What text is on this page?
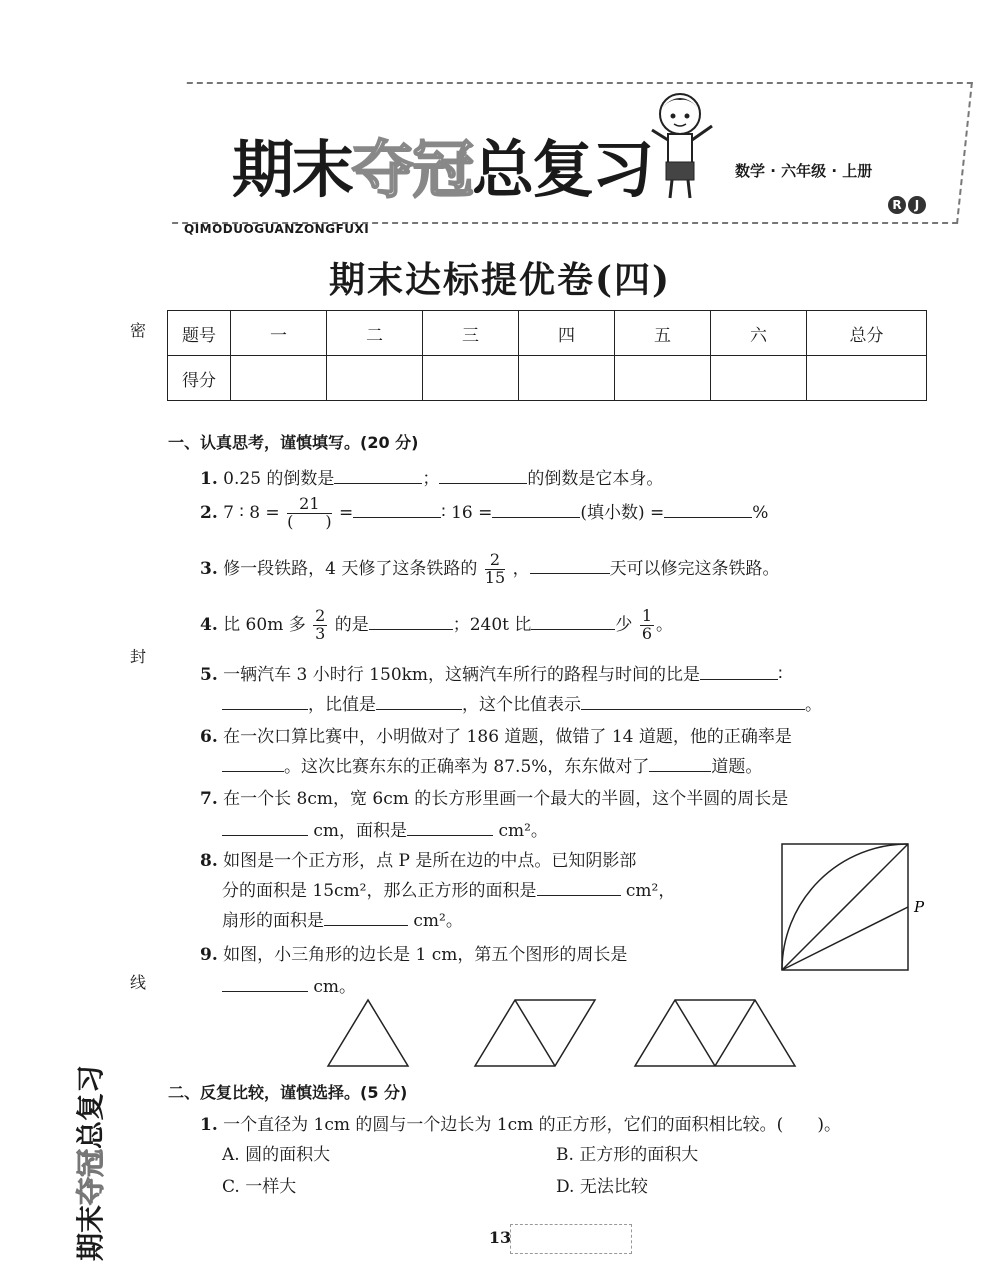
期末夺冠总复习	数学 · 六年级 · 上册
R	J
QIMODUOGUANZONGFUXI
期末达标提优卷(四)
密
封
线
题号	一	二	三	四	五	六	总分
得分							
一、认真思考，谨慎填写。(20 分)
1. 0.25 的倒数是	；	的倒数是它本身。
2. 7 ∶ $8 = \frac{21}{( )}$ =	∶ 16 =	(填小数) =	%
3. 修一段铁路，4 天修了这条铁路的 $\frac{2}{15}$ ，	天可以修完这条铁路。
4. 比 60m 多 $\frac{2}{3}$ 的是	；240t 比	少 $\frac{1}{6}$ 。
5. 一辆汽车 3 小时行 150km，这辆汽车所行的路程与时间的比是	∶
，比值是	，这个比值表示	。
6. 在一次口算比赛中，小明做对了 186 道题，做错了 14 道题，他的正确率是
。这次比赛东东的正确率为 87.5%，东东做对了	道题。
7. 在一个长 8cm，宽 6cm 的长方形里画一个最大的半圆，这个半圆的周长是
cm，面积是	cm²。
8. 如图是一个正方形，点 P 是所在边的中点。已知阴影部
分的面积是 15cm²，那么正方形的面积是	cm²，
扇形的面积是	cm²。
P
9. 如图，小三角形的边长是 1 cm，第五个图形的周长是
cm。
二、反复比较，谨慎选择。(5 分)
1. 一个直径为 1cm 的圆与一个边长为 1cm 的正方形，它们的面积相比较。(　　)。
A. 圆的面积大	B. 正方形的面积大
C. 一样大	D. 无法比较
期末夺冠总复习
13
